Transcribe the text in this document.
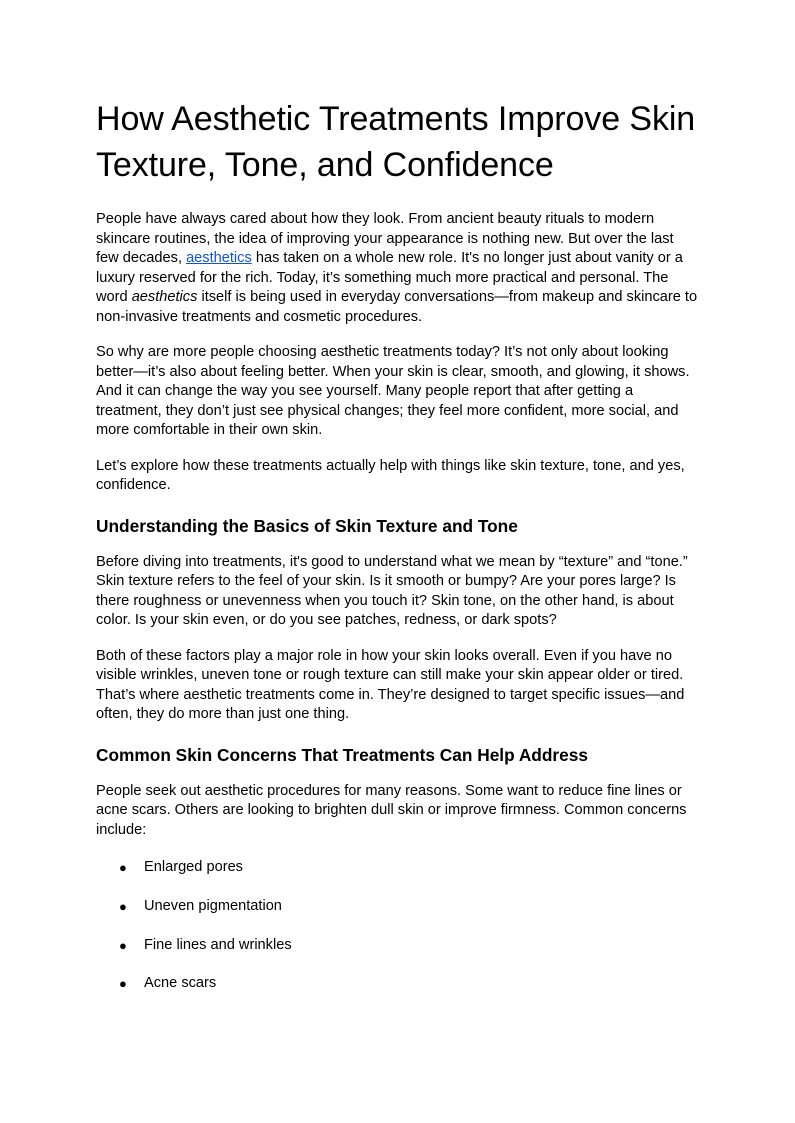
How Aesthetic Treatments Improve Skin Texture, Tone, and Confidence

People have always cared about how they look. From ancient beauty rituals to modern skincare routines, the idea of improving your appearance is nothing new. But over the last few decades, aesthetics has taken on a whole new role. It's no longer just about vanity or a luxury reserved for the rich. Today, it’s something much more practical and personal. The word aesthetics itself is being used in everyday conversations—from makeup and skincare to non-invasive treatments and cosmetic procedures.

So why are more people choosing aesthetic treatments today? It’s not only about looking better—it’s also about feeling better. When your skin is clear, smooth, and glowing, it shows. And it can change the way you see yourself. Many people report that after getting a treatment, they don’t just see physical changes; they feel more confident, more social, and more comfortable in their own skin.

Let’s explore how these treatments actually help with things like skin texture, tone, and yes, confidence.

Understanding the Basics of Skin Texture and Tone

Before diving into treatments, it's good to understand what we mean by “texture” and “tone.” Skin texture refers to the feel of your skin. Is it smooth or bumpy? Are your pores large? Is there roughness or unevenness when you touch it? Skin tone, on the other hand, is about color. Is your skin even, or do you see patches, redness, or dark spots?

Both of these factors play a major role in how your skin looks overall. Even if you have no visible wrinkles, uneven tone or rough texture can still make your skin appear older or tired. That’s where aesthetic treatments come in. They’re designed to target specific issues—and often, they do more than just one thing.

Common Skin Concerns That Treatments Can Help Address

People seek out aesthetic procedures for many reasons. Some want to reduce fine lines or acne scars. Others are looking to brighten dull skin or improve firmness. Common concerns include:

● Enlarged pores
● Uneven pigmentation
● Fine lines and wrinkles
● Acne scars
